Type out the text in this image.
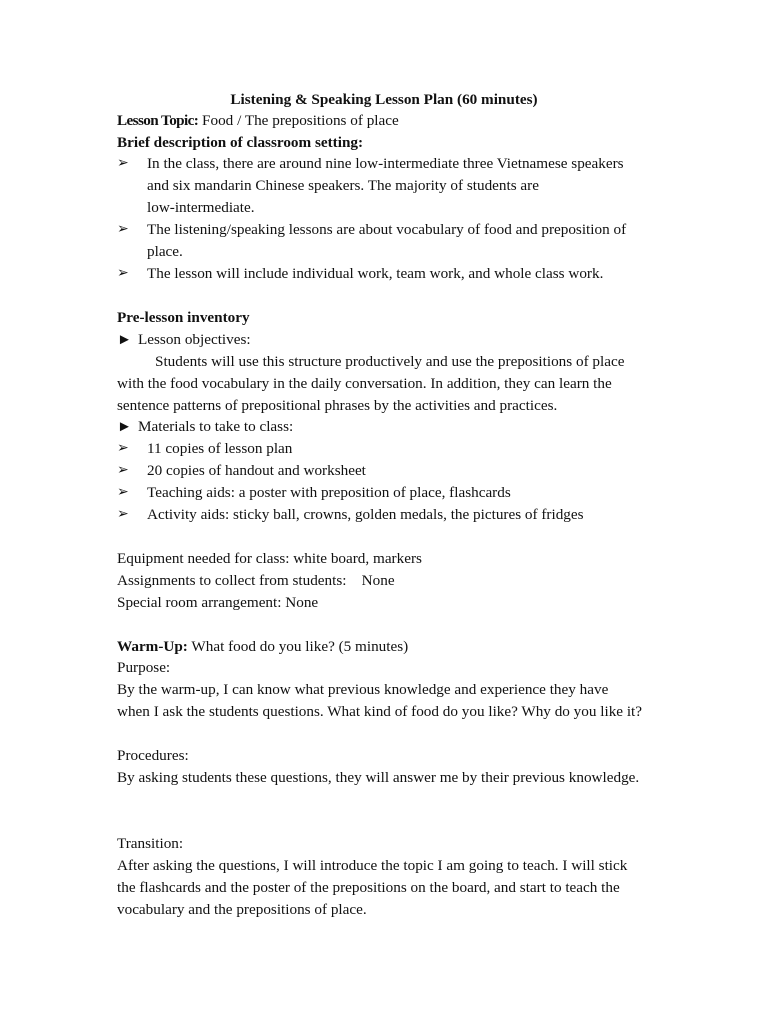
Listening & Speaking Lesson Plan (60 minutes)
Lesson Topic: Food / The prepositions of place
Brief description of classroom setting:
➢	In the class, there are around nine low-intermediate three Vietnamese speakers
and six mandarin Chinese speakers. The majority of students are
low-intermediate.
➢	The listening/speaking lessons are about vocabulary of food and preposition of
place.
➢	The lesson will include individual work, team work, and whole class work.
Pre-lesson inventory
► Lesson objectives:
Students will use this structure productively and use the prepositions of place
with the food vocabulary in the daily conversation. In addition, they can learn the
sentence patterns of prepositional phrases by the activities and practices.
► Materials to take to class:
➢	11 copies of lesson plan
➢	20 copies of handout and worksheet
➢	Teaching aids: a poster with preposition of place, flashcards
➢	Activity aids: sticky ball, crowns, golden medals, the pictures of fridges
Equipment needed for class: white board, markers
Assignments to collect from students:    None
Special room arrangement: None
Warm-Up: What food do you like? (5 minutes)
Purpose:
By the warm-up, I can know what previous knowledge and experience they have
when I ask the students questions. What kind of food do you like? Why do you like it?
Procedures:
By asking students these questions, they will answer me by their previous knowledge.
Transition:
After asking the questions, I will introduce the topic I am going to teach. I will stick
the flashcards and the poster of the prepositions on the board, and start to teach the
vocabulary and the prepositions of place.
